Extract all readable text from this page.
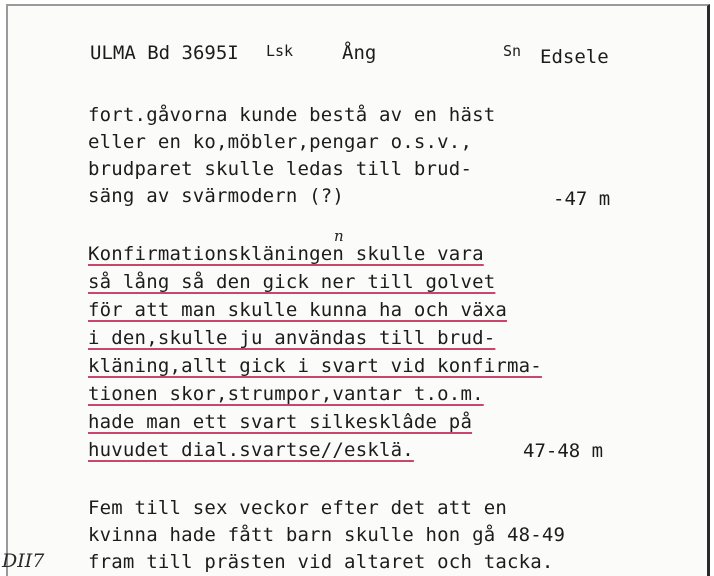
ULMA Bd 3695I Lsk	Ång	Sn Edsele
fort.gåvorna kunde bestå av en häst
eller en ko,möbler,pengar o.s.v.,
brudparet skulle ledas till brud-
säng av svärmodern (?)	-47 m
n
Konfirmationskläningen skulle vara
så lång så den gick ner till golvet
för att man skulle kunna ha och växa
i den,skulle ju användas till brud-
kläning,allt gick i svart vid konfirma-
tionen skor,strumpor,vantar t.o.m.
hade man ett svart silkesklâde på
huvudet dial.svartse//esklä.	47-48 m
Fem till sex veckor efter det att en
kvinna hade fått barn skulle hon gå 48-49
fram till prästen vid altaret och tacka.
DII7
